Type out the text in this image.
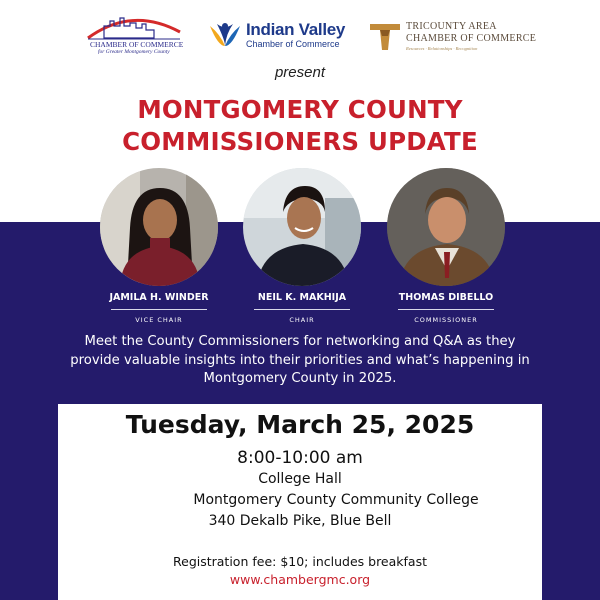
CHAMBER OF COMMERCE
for Greater Montgomery County
Indian Valley
Chamber of Commerce
TRICOUNTY AREA
CHAMBER OF COMMERCE
Resources · Relationships · Recognition
present
MONTGOMERY COUNTY
COMMISSIONERS UPDATE
JAMILA H. WINDER
VICE CHAIR
NEIL K. MAKHIJA
CHAIR
THOMAS DIBELLO
COMMISSIONER
Meet the County Commissioners for networking and Q&A as they
provide valuable insights into their priorities and what’s happening in
Montgomery County in 2025.
Tuesday, March 25, 2025
8:00-10:00 am
College Hall
Montgomery County Community College
340 Dekalb Pike, Blue Bell
Registration fee: $10; includes breakfast
www.chambergmc.org
